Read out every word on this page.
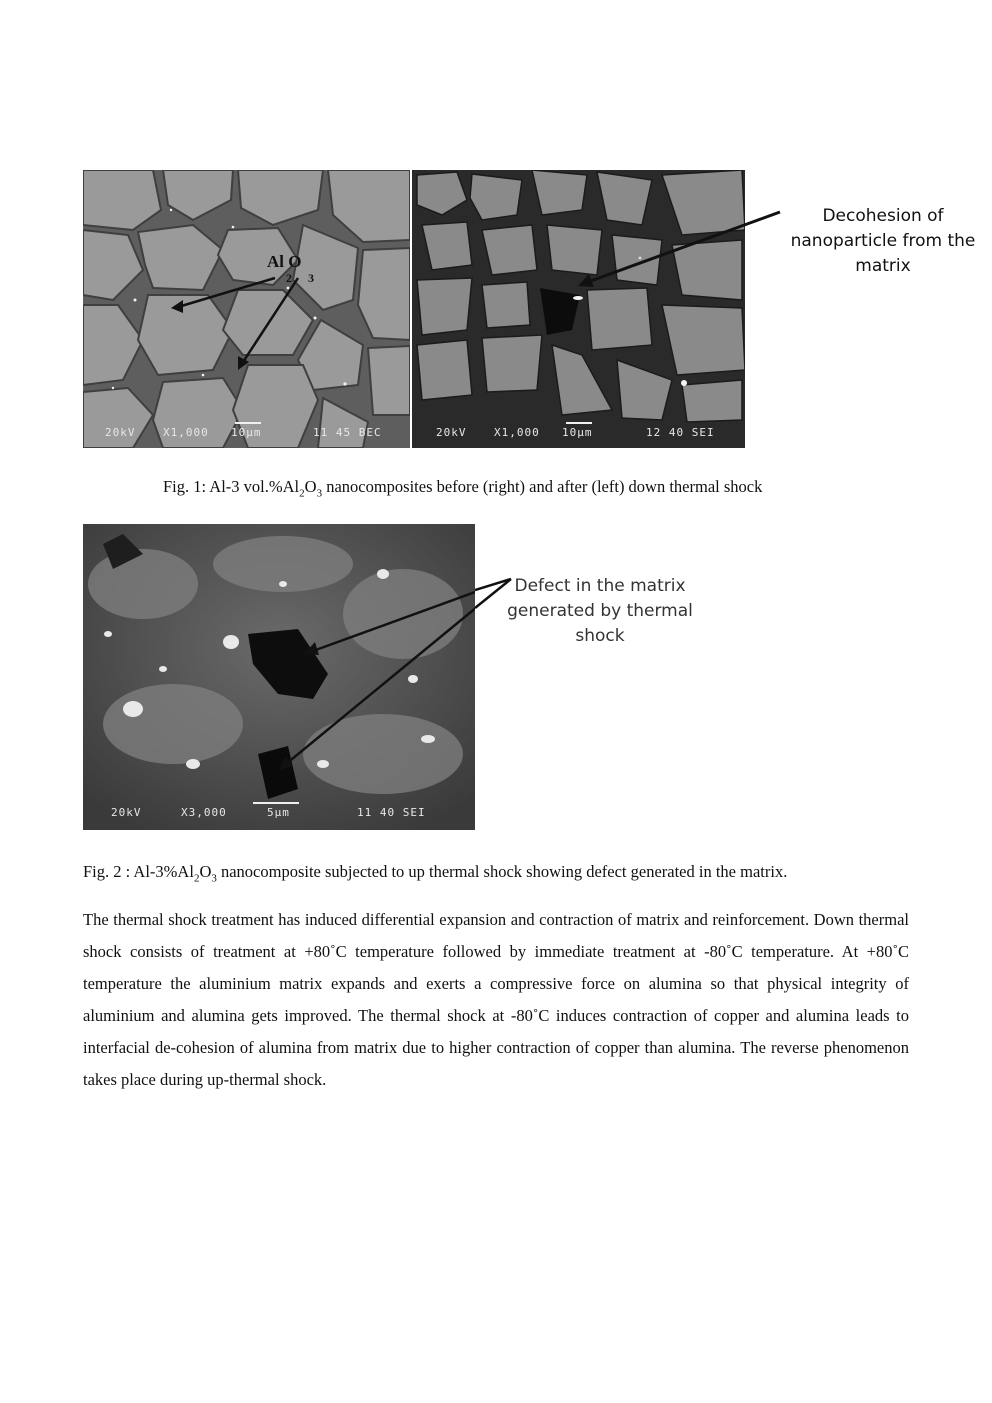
Al O
2 3
20kV	X1,000 10µm	11 45 BEC	20kV	X1,000 10µm	12 40 SEI
Decohesion of
nanoparticle from the
matrix
Fig. 1: Al-3 $vol.\%Al_2O_3$ nanocomposites before (right) and after (left) down thermal shock
20kV	X3,000	5µm	11 40 SEI
Defect in the matrix
generated by thermal
shock
Fig. 2 : $Al-3\%Al_2O_3$ nanocomposite subjected to up thermal shock showing defect generated in the matrix.
The thermal shock treatment has induced differential expansion and contraction of matrix and reinforcement. Down thermal shock consists of treatment at +80˚C temperature followed by immediate treatment at -80˚C temperature. At +80˚C temperature the aluminium matrix expands and exerts a compressive force on alumina so that physical integrity of aluminium and alumina gets improved. The thermal shock at -80˚C induces contraction of copper and alumina leads to interfacial de-cohesion of alumina from matrix due to higher contraction of copper than alumina. The reverse phenomenon takes place during up-thermal shock.
